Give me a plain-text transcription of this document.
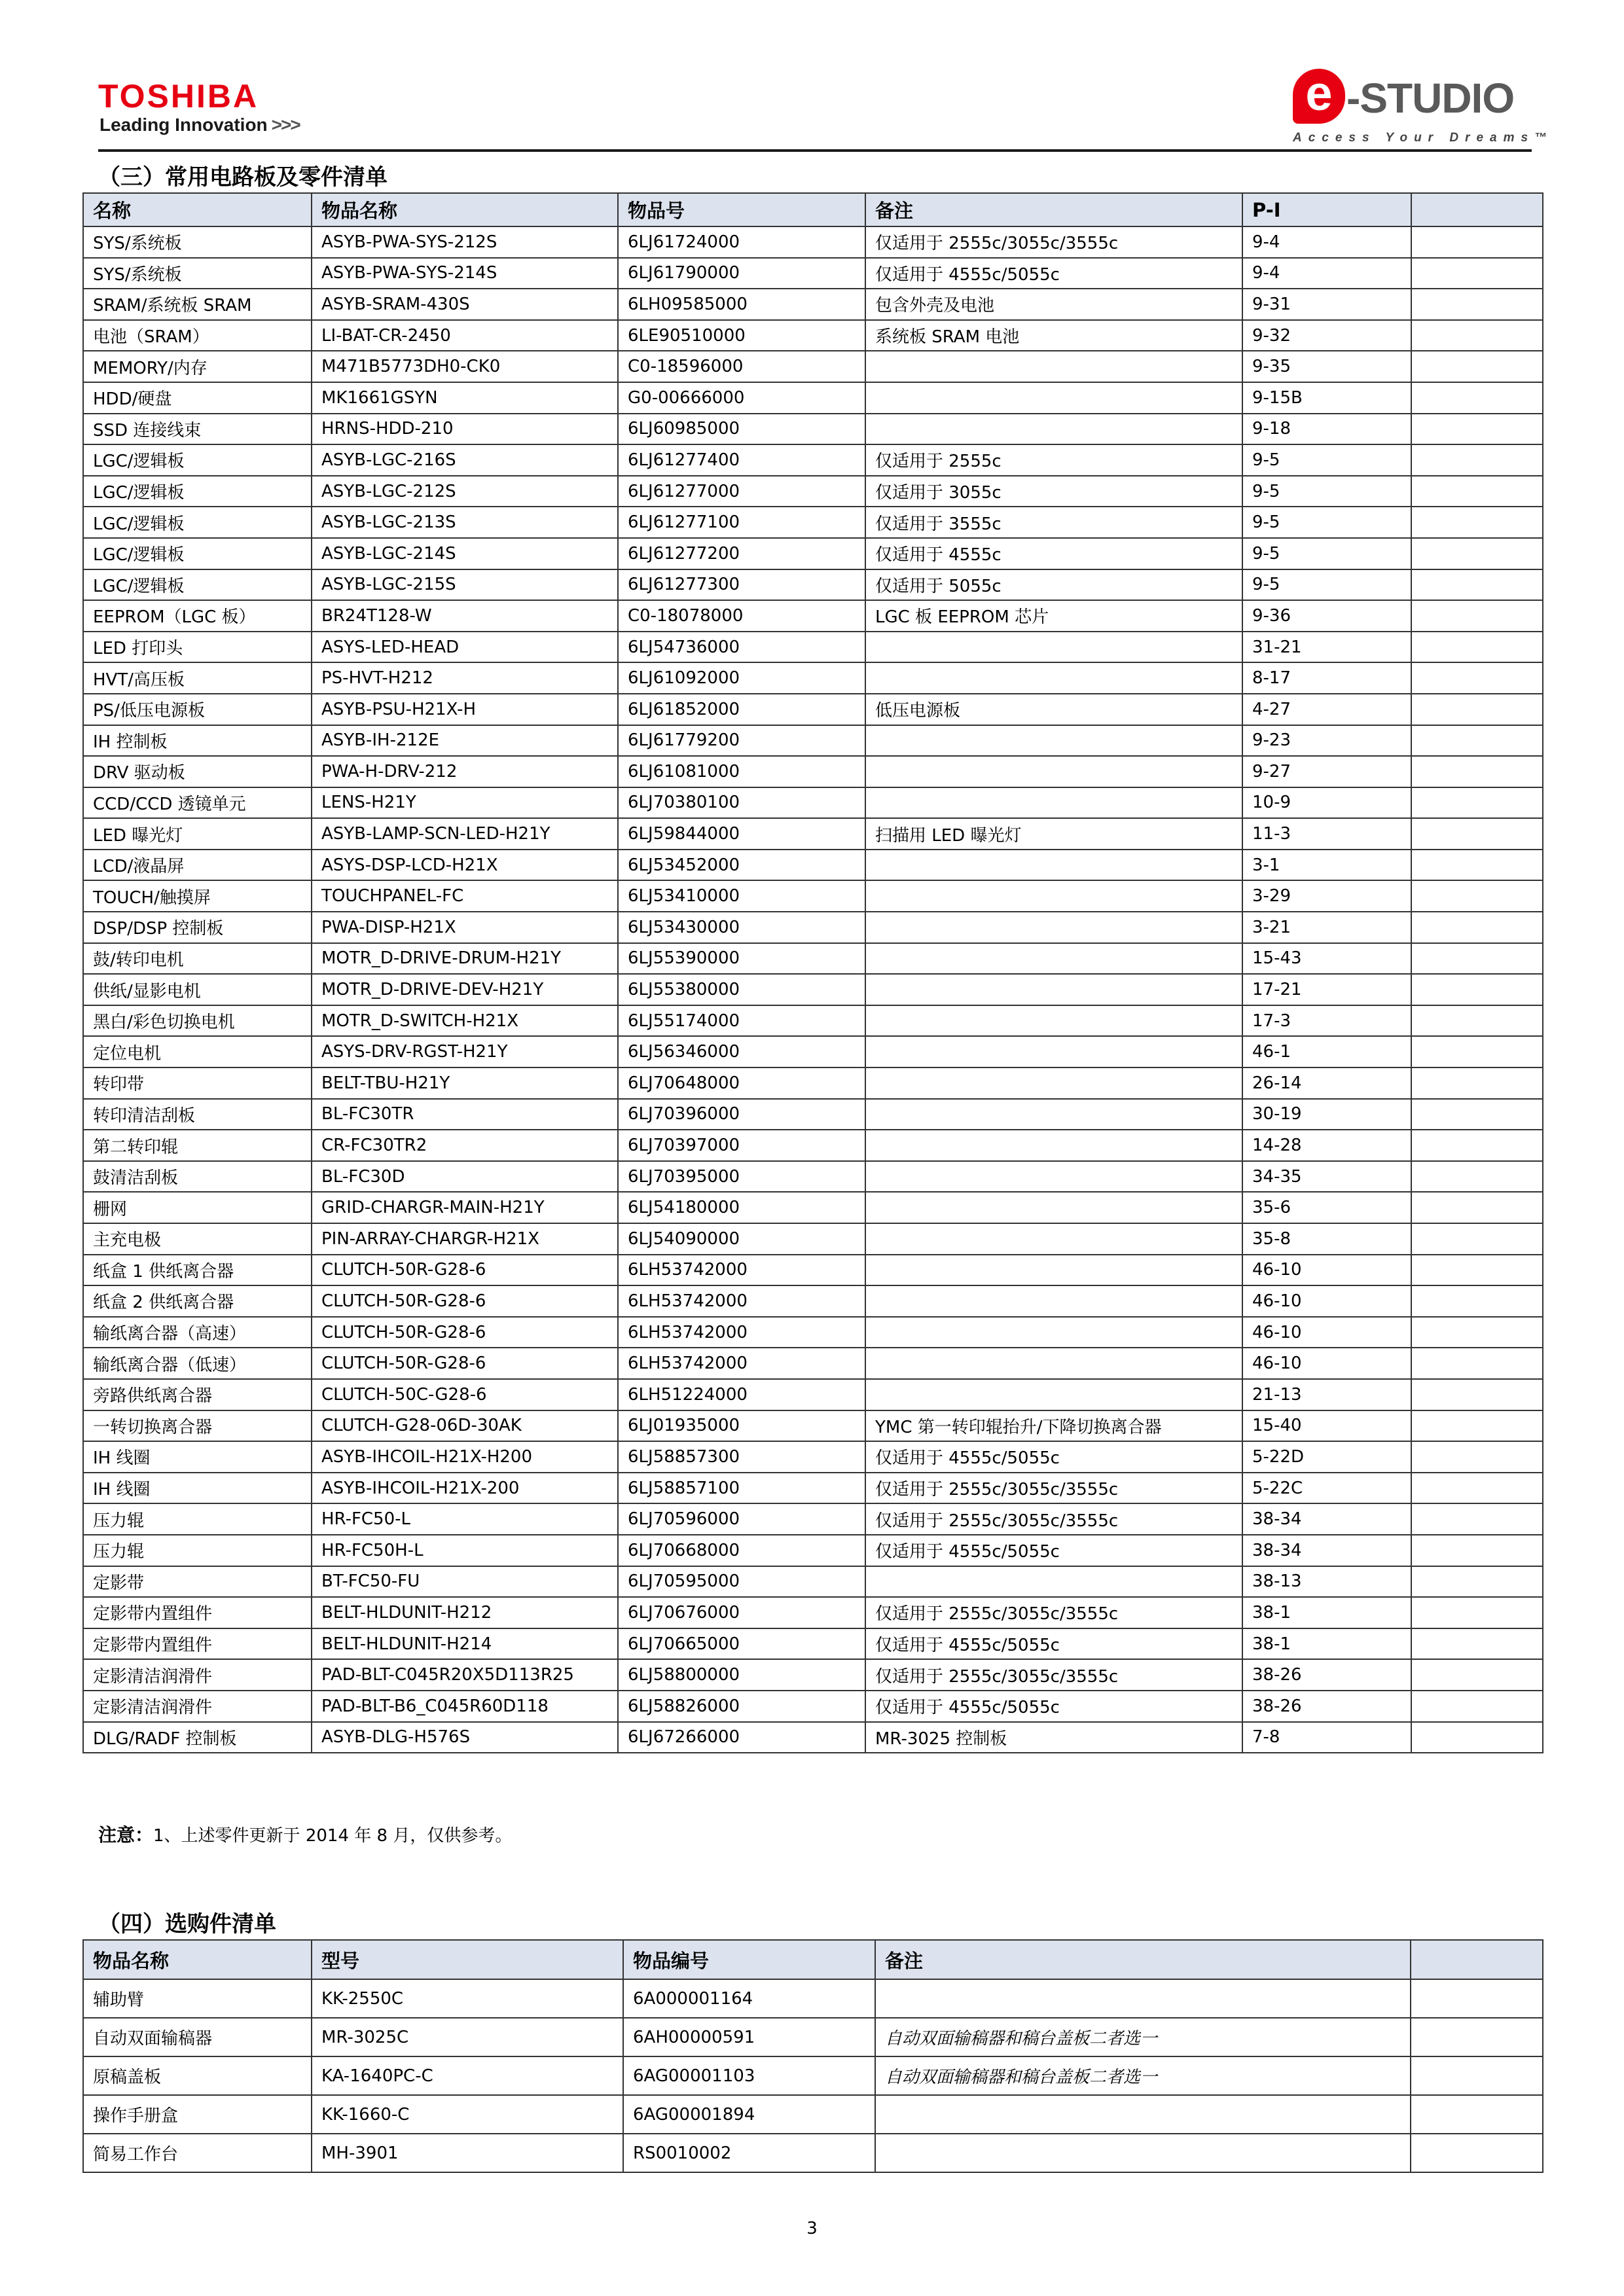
TOSHIBA
Leading Innovation >>>
e -STUDIO
Access Your Dreams™
（三）常用电路板及零件清单
名称	物品名称	物品号	备注	P-I	
SYS/系统板	ASYB-PWA-SYS-212S	6LJ61724000	仅适用于 2555c/3055c/3555c	9-4	
SYS/系统板	ASYB-PWA-SYS-214S	6LJ61790000	仅适用于 4555c/5055c	9-4	
SRAM/系统板 SRAM	ASYB-SRAM-430S	6LH09585000	包含外壳及电池	9-31	
电池（SRAM）	LI-BAT-CR-2450	6LE90510000	系统板 SRAM 电池	9-32	
MEMORY/内存	M471B5773DH0-CK0	C0-18596000		9-35	
HDD/硬盘	MK1661GSYN	G0-00666000		9-15B	
SSD 连接线束	HRNS-HDD-210	6LJ60985000		9-18	
LGC/逻辑板	ASYB-LGC-216S	6LJ61277400	仅适用于 2555c	9-5	
LGC/逻辑板	ASYB-LGC-212S	6LJ61277000	仅适用于 3055c	9-5	
LGC/逻辑板	ASYB-LGC-213S	6LJ61277100	仅适用于 3555c	9-5	
LGC/逻辑板	ASYB-LGC-214S	6LJ61277200	仅适用于 4555c	9-5	
LGC/逻辑板	ASYB-LGC-215S	6LJ61277300	仅适用于 5055c	9-5	
EEPROM（LGC 板）	BR24T128-W	C0-18078000	LGC 板 EEPROM 芯片	9-36	
LED 打印头	ASYS-LED-HEAD	6LJ54736000		31-21	
HVT/高压板	PS-HVT-H212	6LJ61092000		8-17	
PS/低压电源板	ASYB-PSU-H21X-H	6LJ61852000	低压电源板	4-27	
IH 控制板	ASYB-IH-212E	6LJ61779200		9-23	
DRV 驱动板	PWA-H-DRV-212	6LJ61081000		9-27	
CCD/CCD 透镜单元	LENS-H21Y	6LJ70380100		10-9	
LED 曝光灯	ASYB-LAMP-SCN-LED-H21Y	6LJ59844000	扫描用 LED 曝光灯	11-3	
LCD/液晶屏	ASYS-DSP-LCD-H21X	6LJ53452000		3-1	
TOUCH/触摸屏	TOUCHPANEL-FC	6LJ53410000		3-29	
DSP/DSP 控制板	PWA-DISP-H21X	6LJ53430000		3-21	
鼓/转印电机	MOTR_D-DRIVE-DRUM-H21Y	6LJ55390000		15-43	
供纸/显影电机	MOTR_D-DRIVE-DEV-H21Y	6LJ55380000		17-21	
黑白/彩色切换电机	MOTR_D-SWITCH-H21X	6LJ55174000		17-3	
定位电机	ASYS-DRV-RGST-H21Y	6LJ56346000		46-1	
转印带	BELT-TBU-H21Y	6LJ70648000		26-14	
转印清洁刮板	BL-FC30TR	6LJ70396000		30-19	
第二转印辊	CR-FC30TR2	6LJ70397000		14-28	
鼓清洁刮板	BL-FC30D	6LJ70395000		34-35	
栅网	GRID-CHARGR-MAIN-H21Y	6LJ54180000		35-6	
主充电极	PIN-ARRAY-CHARGR-H21X	6LJ54090000		35-8	
纸盒 1 供纸离合器	CLUTCH-50R-G28-6	6LH53742000		46-10	
纸盒 2 供纸离合器	CLUTCH-50R-G28-6	6LH53742000		46-10	
输纸离合器（高速）	CLUTCH-50R-G28-6	6LH53742000		46-10	
输纸离合器（低速）	CLUTCH-50R-G28-6	6LH53742000		46-10	
旁路供纸离合器	CLUTCH-50C-G28-6	6LH51224000		21-13	
一转切换离合器	CLUTCH-G28-06D-30AK	6LJ01935000	YMC 第一转印辊抬升/下降切换离合器	15-40	
IH 线圈	ASYB-IHCOIL-H21X-H200	6LJ58857300	仅适用于 4555c/5055c	5-22D	
IH 线圈	ASYB-IHCOIL-H21X-200	6LJ58857100	仅适用于 2555c/3055c/3555c	5-22C	
压力辊	HR-FC50-L	6LJ70596000	仅适用于 2555c/3055c/3555c	38-34	
压力辊	HR-FC50H-L	6LJ70668000	仅适用于 4555c/5055c	38-34	
定影带	BT-FC50-FU	6LJ70595000		38-13	
定影带内置组件	BELT-HLDUNIT-H212	6LJ70676000	仅适用于 2555c/3055c/3555c	38-1	
定影带内置组件	BELT-HLDUNIT-H214	6LJ70665000	仅适用于 4555c/5055c	38-1	
定影清洁润滑件	PAD-BLT-C045R20X5D113R25	6LJ58800000	仅适用于 2555c/3055c/3555c	38-26	
定影清洁润滑件	PAD-BLT-B6_C045R60D118	6LJ58826000	仅适用于 4555c/5055c	38-26	
DLG/RADF 控制板	ASYB-DLG-H576S	6LJ67266000	MR-3025 控制板	7-8	
注意：1、上述零件更新于 2014 年 8 月，仅供参考。
（四）选购件清单
物品名称	型号	物品编号	备注	
辅助臂	KK-2550C	6A000001164		
自动双面输稿器	MR-3025C	6AH00000591	自动双面输稿器和稿台盖板二者选一	
原稿盖板	KA-1640PC-C	6AG00001103	自动双面输稿器和稿台盖板二者选一	
操作手册盒	KK-1660-C	6AG00001894		
简易工作台	MH-3901	RS0010002		
3
